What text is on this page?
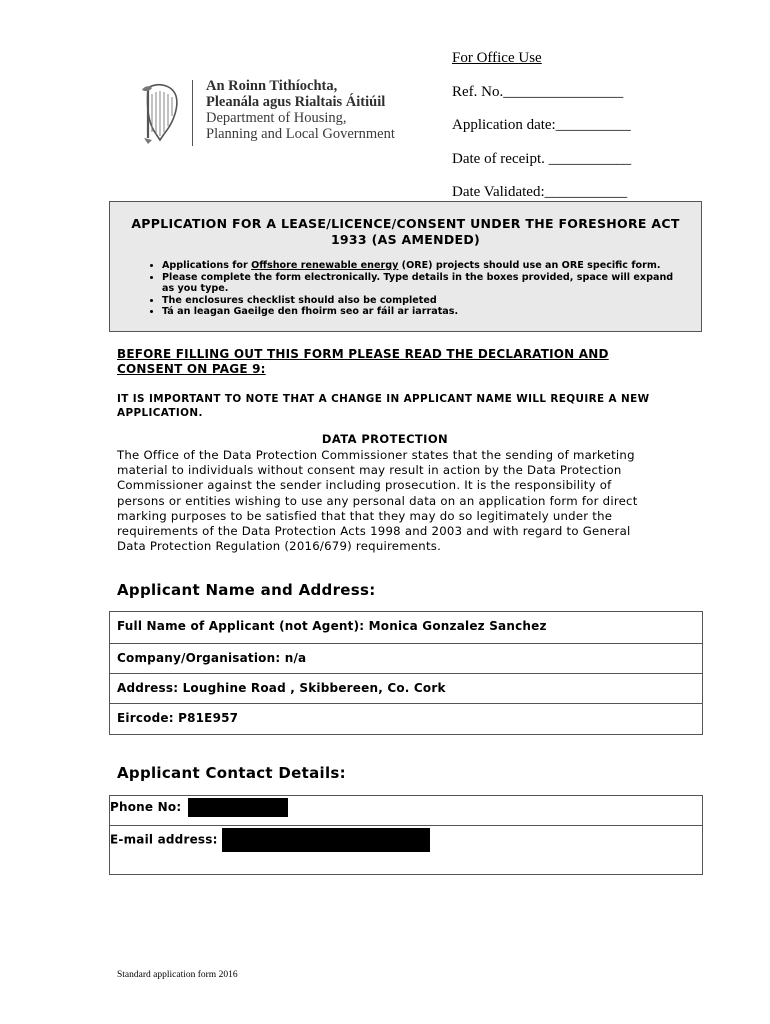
An Roinn Tithíochta,
Pleanála agus Rialtais Áitiúil
Department of Housing,
Planning and Local Government
For Office Use
Ref. No.________________
Application date:__________
Date of receipt. ___________
Date Validated:___________
APPLICATION FOR A LEASE/LICENCE/CONSENT UNDER THE FORESHORE ACT 1933 (AS AMENDED)
• Applications for Offshore renewable energy (ORE) projects should use an ORE specific form.
• Please complete the form electronically. Type details in the boxes provided, space will expand as you type.
• The enclosures checklist should also be completed
• Tá an leagan Gaeilge den fhoirm seo ar fáil ar iarratas.
BEFORE FILLING OUT THIS FORM PLEASE READ THE DECLARATION AND CONSENT ON PAGE 9:
IT IS IMPORTANT TO NOTE THAT A CHANGE IN APPLICANT NAME WILL REQUIRE A NEW APPLICATION.
DATA PROTECTION
The Office of the Data Protection Commissioner states that the sending of marketing material to individuals without consent may result in action by the Data Protection Commissioner against the sender including prosecution. It is the responsibility of persons or entities wishing to use any personal data on an application form for direct marking purposes to be satisfied that that they may do so legitimately under the requirements of the Data Protection Acts 1998 and 2003 and with regard to General Data Protection Regulation (2016/679) requirements.
Applicant Name and Address:
Full Name of Applicant (not Agent): Monica Gonzalez Sanchez
Company/Organisation: n/a
Address: Loughine Road , Skibbereen, Co. Cork
Eircode: P81E957
Applicant Contact Details:
Phone No:
E-mail address:
Standard application form 2016
